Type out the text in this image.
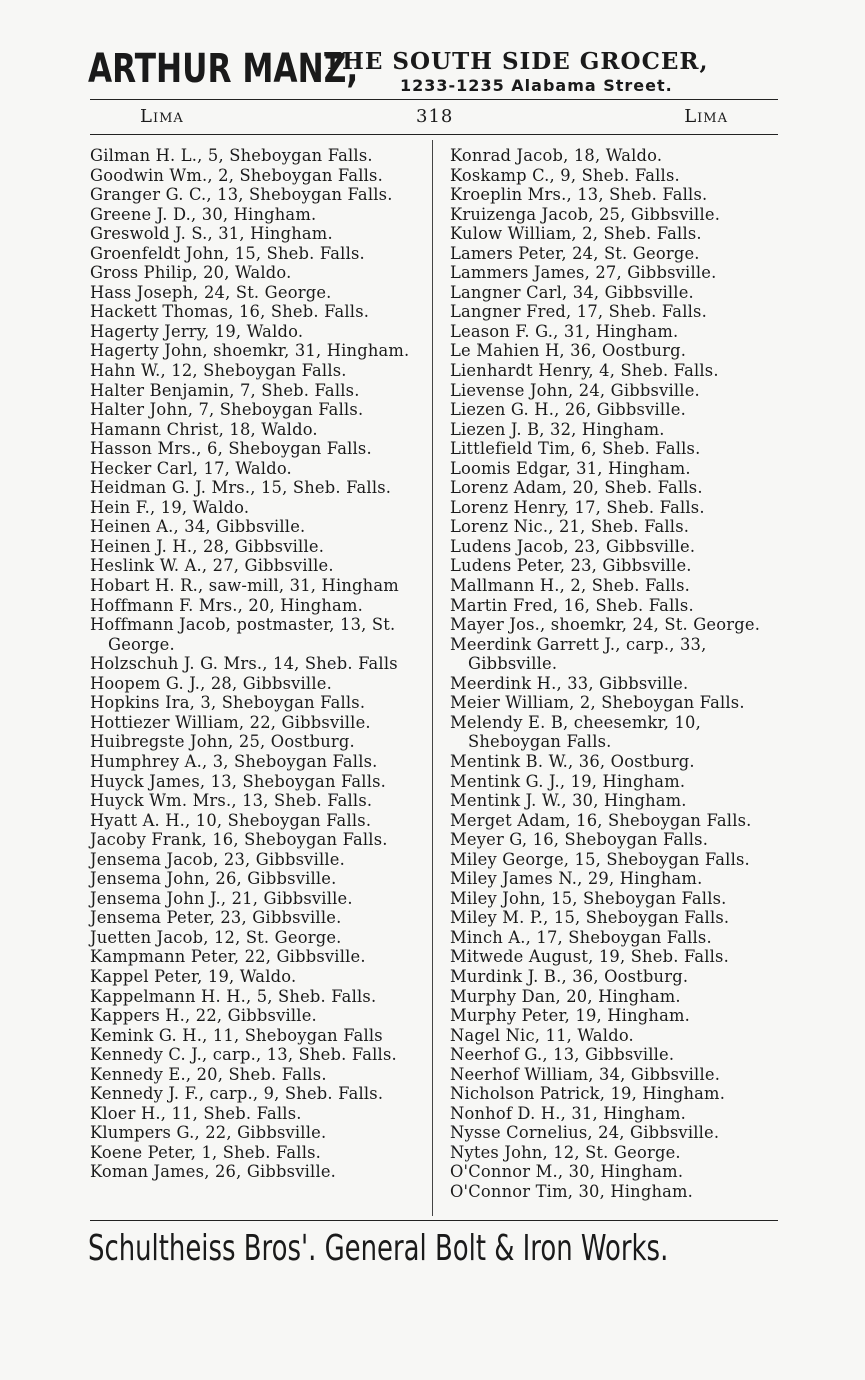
ARTHUR MANZ,
THE SOUTH SIDE GROCER,
1233-1235 Alabama Street.
Lima	318	Lima
Gilman H. L., 5, Sheboygan Falls.
Goodwin Wm., 2, Sheboygan Falls.
Granger G. C., 13, Sheboygan Falls.
Greene J. D., 30, Hingham.
Greswold J. S., 31, Hingham.
Groenfeldt John, 15, Sheb. Falls.
Gross Philip, 20, Waldo.
Hass Joseph, 24, St. George.
Hackett Thomas, 16, Sheb. Falls.
Hagerty Jerry, 19, Waldo.
Hagerty John, shoemkr, 31, Hingham.
Hahn W., 12, Sheboygan Falls.
Halter Benjamin, 7, Sheb. Falls.
Halter John, 7, Sheboygan Falls.
Hamann Christ, 18, Waldo.
Hasson Mrs., 6, Sheboygan Falls.
Hecker Carl, 17, Waldo.
Heidman G. J. Mrs., 15, Sheb. Falls.
Hein F., 19, Waldo.
Heinen A., 34, Gibbsville.
Heinen J. H., 28, Gibbsville.
Heslink W. A., 27, Gibbsville.
Hobart H. R., saw-mill, 31, Hingham
Hoffmann F. Mrs., 20, Hingham.
Hoffmann Jacob, postmaster, 13, St. George.
Holzschuh J. G. Mrs., 14, Sheb. Falls
Hoopem G. J., 28, Gibbsville.
Hopkins Ira, 3, Sheboygan Falls.
Hottiezer William, 22, Gibbsville.
Huibregste John, 25, Oostburg.
Humphrey A., 3, Sheboygan Falls.
Huyck James, 13, Sheboygan Falls.
Huyck Wm. Mrs., 13, Sheb. Falls.
Hyatt A. H., 10, Sheboygan Falls.
Jacoby Frank, 16, Sheboygan Falls.
Jensema Jacob, 23, Gibbsville.
Jensema John, 26, Gibbsville.
Jensema John J., 21, Gibbsville.
Jensema Peter, 23, Gibbsville.
Juetten Jacob, 12, St. George.
Kampmann Peter, 22, Gibbsville.
Kappel Peter, 19, Waldo.
Kappelmann H. H., 5, Sheb. Falls.
Kappers H., 22, Gibbsville.
Kemink G. H., 11, Sheboygan Falls
Kennedy C. J., carp., 13, Sheb. Falls.
Kennedy E., 20, Sheb. Falls.
Kennedy J. F., carp., 9, Sheb. Falls.
Kloer H., 11, Sheb. Falls.
Klumpers G., 22, Gibbsville.
Koene Peter, 1, Sheb. Falls.
Koman James, 26, Gibbsville.
Konrad Jacob, 18, Waldo.
Koskamp C., 9, Sheb. Falls.
Kroeplin Mrs., 13, Sheb. Falls.
Kruizenga Jacob, 25, Gibbsville.
Kulow William, 2, Sheb. Falls.
Lamers Peter, 24, St. George.
Lammers James, 27, Gibbsville.
Langner Carl, 34, Gibbsville.
Langner Fred, 17, Sheb. Falls.
Leason F. G., 31, Hingham.
Le Mahien H, 36, Oostburg.
Lienhardt Henry, 4, Sheb. Falls.
Lievense John, 24, Gibbsville.
Liezen G. H., 26, Gibbsville.
Liezen J. B, 32, Hingham.
Littlefield Tim, 6, Sheb. Falls.
Loomis Edgar, 31, Hingham.
Lorenz Adam, 20, Sheb. Falls.
Lorenz Henry, 17, Sheb. Falls.
Lorenz Nic., 21, Sheb. Falls.
Ludens Jacob, 23, Gibbsville.
Ludens Peter, 23, Gibbsville.
Mallmann H., 2, Sheb. Falls.
Martin Fred, 16, Sheb. Falls.
Mayer Jos., shoemkr, 24, St. George.
Meerdink Garrett J., carp., 33, Gibbsville.
Meerdink H., 33, Gibbsville.
Meier William, 2, Sheboygan Falls.
Melendy E. B, cheesemkr, 10, Sheboygan Falls.
Mentink B. W., 36, Oostburg.
Mentink G. J., 19, Hingham.
Mentink J. W., 30, Hingham.
Merget Adam, 16, Sheboygan Falls.
Meyer G, 16, Sheboygan Falls.
Miley George, 15, Sheboygan Falls.
Miley James N., 29, Hingham.
Miley John, 15, Sheboygan Falls.
Miley M. P., 15, Sheboygan Falls.
Minch A., 17, Sheboygan Falls.
Mitwede August, 19, Sheb. Falls.
Murdink J. B., 36, Oostburg.
Murphy Dan, 20, Hingham.
Murphy Peter, 19, Hingham.
Nagel Nic, 11, Waldo.
Neerhof G., 13, Gibbsville.
Neerhof William, 34, Gibbsville.
Nicholson Patrick, 19, Hingham.
Nonhof D. H., 31, Hingham.
Nysse Cornelius, 24, Gibbsville.
Nytes John, 12, St. George.
O'Connor M., 30, Hingham.
O'Connor Tim, 30, Hingham.
Schultheiss Bros'. General Bolt & Iron Works.
